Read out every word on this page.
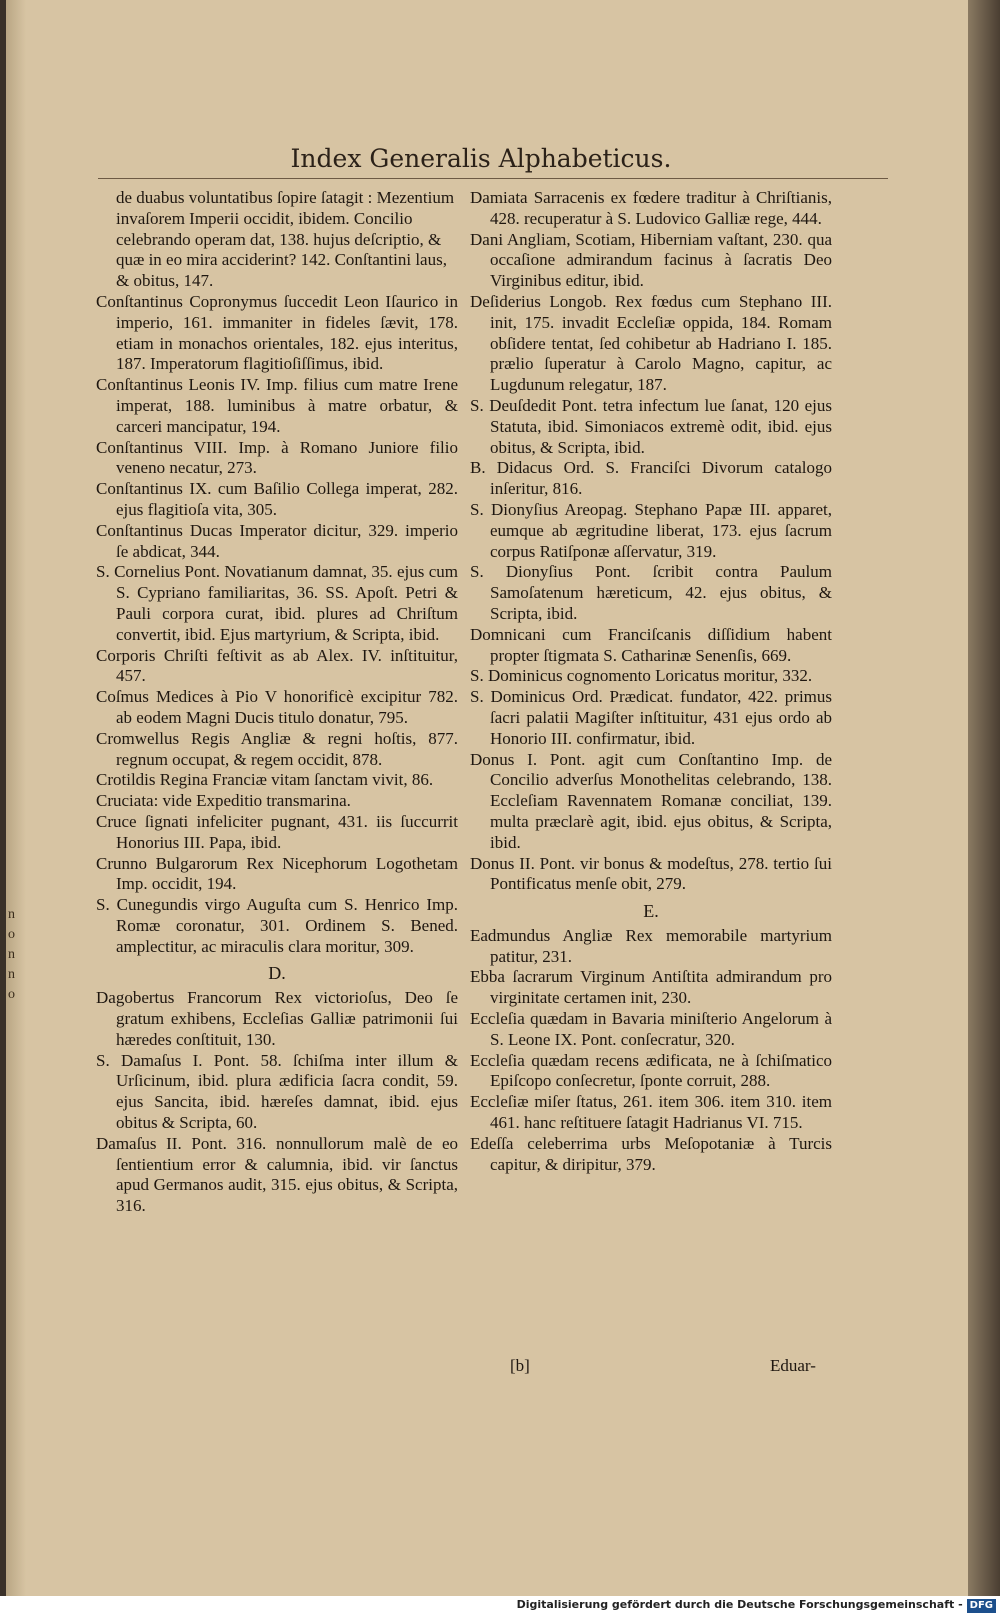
Index Generalis Alphabeticus.
de duabus voluntatibus ſopire ſatagit : Mezentium invaſorem Imperii occidit, ibidem. Concilio celebrando operam dat, 138. hujus deſcriptio, & quæ in eo mira acciderint? 142. Conſtantini laus, & obitus, 147.
Conſtantinus Copronymus ſuccedit Leon Iſaurico in imperio, 161. immaniter in fideles ſævit, 178. etiam in monachos orientales, 182. ejus interitus, 187. Imperatorum flagitioſiſſimus, ibid.
Conſtantinus Leonis IV. Imp. filius cum matre Irene imperat, 188. luminibus à matre orbatur, & carceri mancipatur, 194.
Conſtantinus VIII. Imp. à Romano Juniore filio veneno necatur, 273.
Conſtantinus IX. cum Baſilio Collega imperat, 282. ejus flagitioſa vita, 305.
Conſtantinus Ducas Imperator dicitur, 329. imperio ſe abdicat, 344.
S. Cornelius Pont. Novatianum damnat, 35. ejus cum S. Cypriano familiaritas, 36. SS. Apoſt. Petri & Pauli corpora curat, ibid. plures ad Chriſtum convertit, ibid. Ejus martyrium, & Scripta, ibid.
Corporis Chriſti feſtivit as ab Alex. IV. inſtituitur, 457.
Coſmus Medices à Pio V honorificè excipitur 782. ab eodem Magni Ducis titulo donatur, 795.
Cromwellus Regis Angliæ & regni hoſtis, 877. regnum occupat, & regem occidit, 878.
Crotildis Regina Franciæ vitam ſanctam vivit, 86.
Cruciata: vide Expeditio transmarina.
Cruce ſignati infeliciter pugnant, 431. iis ſuccurrit Honorius III. Papa, ibid.
Crunno Bulgarorum Rex Nicephorum Logothetam Imp. occidit, 194.
S. Cunegundis virgo Auguſta cum S. Henrico Imp. Romæ coronatur, 301. Ordinem S. Bened. amplectitur, ac miraculis clara moritur, 309.
D.
Dagobertus Francorum Rex victorioſus, Deo ſe gratum exhibens, Eccleſias Galliæ patrimonii ſui hæredes conſtituit, 130.
S. Damaſus I. Pont. 58. ſchiſma inter illum & Urſicinum, ibid. plura ædificia ſacra condit, 59. ejus Sancita, ibid. hæreſes damnat, ibid. ejus obitus & Scripta, 60.
Damaſus II. Pont. 316. nonnullorum malè de eo ſentientium error & calumnia, ibid. vir ſanctus apud Germanos audit, 315. ejus obitus, & Scripta, 316.
Damiata Sarracenis ex fœdere traditur à Chriſtianis, 428. recuperatur à S. Ludovico Galliæ rege, 444.
Dani Angliam, Scotiam, Hiberniam vaſtant, 230. qua occaſione admirandum facinus à ſacratis Deo Virginibus editur, ibid.
Deſiderius Longob. Rex fœdus cum Stephano III. init, 175. invadit Eccleſiæ oppida, 184. Romam obſidere tentat, ſed cohibetur ab Hadriano I. 185. prælio ſuperatur à Carolo Magno, capitur, ac Lugdunum relegatur, 187.
S. Deuſdedit Pont. tetra infectum lue ſanat, 120 ejus Statuta, ibid. Simoniacos extremè odit, ibid. ejus obitus, & Scripta, ibid.
B. Didacus Ord. S. Franciſci Divorum catalogo inſeritur, 816.
S. Dionyſius Areopag. Stephano Papæ III. apparet, eumque ab ægritudine liberat, 173. ejus ſacrum corpus Ratiſponæ aſſervatur, 319.
S. Dionyſius Pont. ſcribit contra Paulum Samoſatenum hæreticum, 42. ejus obitus, & Scripta, ibid.
Domnicani cum Franciſcanis diſſidium habent propter ſtigmata S. Catharinæ Senenſis, 669.
S. Dominicus cognomento Loricatus moritur, 332.
S. Dominicus Ord. Prædicat. fundator, 422. primus ſacri palatii Magiſter inſtituitur, 431 ejus ordo ab Honorio III. confirmatur, ibid.
Donus I. Pont. agit cum Conſtantino Imp. de Concilio adverſus Monothelitas celebrando, 138. Eccleſiam Ravennatem Romanæ conciliat, 139. multa præclarè agit, ibid. ejus obitus, & Scripta, ibid.
Donus II. Pont. vir bonus & modeſtus, 278. tertio ſui Pontificatus menſe obit, 279.
E.
Eadmundus Angliæ Rex memorabile martyrium patitur, 231.
Ebba ſacrarum Virginum Antiſtita admirandum pro virginitate certamen init, 230.
Eccleſia quædam in Bavaria miniſterio Angelorum à S. Leone IX. Pont. conſecratur, 320.
Eccleſia quædam recens ædificata, ne à ſchiſmatico Epiſcopo conſecretur, ſponte corruit, 288.
Eccleſiæ miſer ſtatus, 261. item 306. item 310. item 461. hanc reſtituere ſatagit Hadrianus VI. 715.
Edeſſa celeberrima urbs Meſopotaniæ à Turcis capitur, & diripitur, 379.
n
o
n
n
o
[b]	Eduar-
Digitalisierung gefördert durch die Deutsche Forschungsgemeinschaft - DFG
